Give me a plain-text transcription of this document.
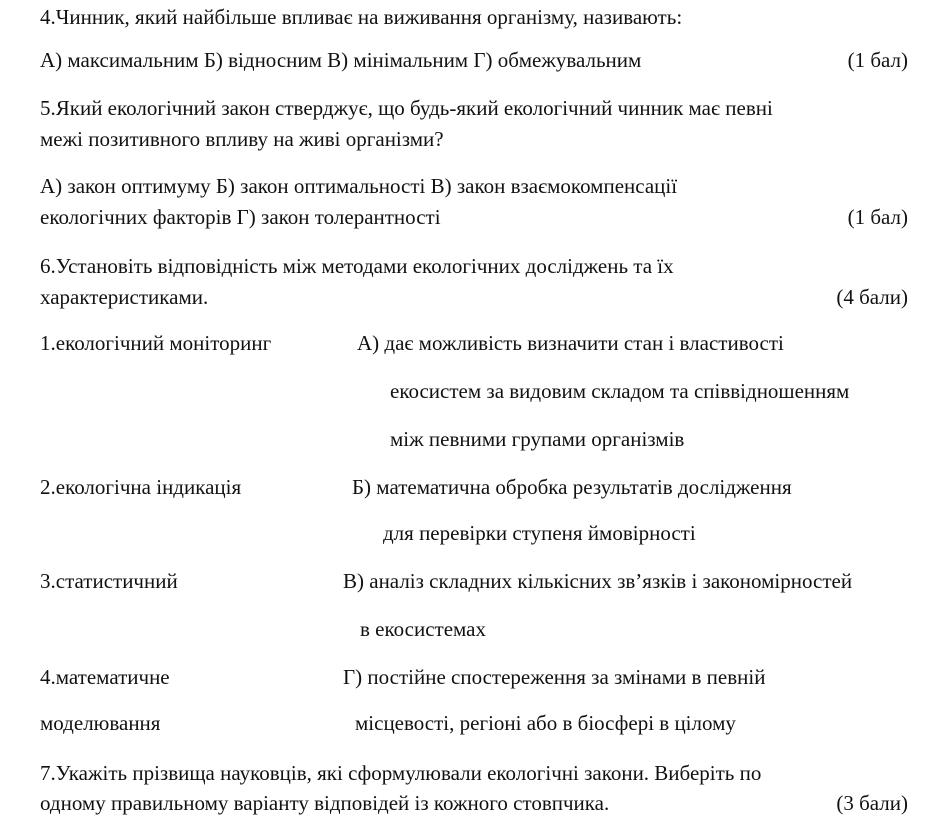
4.Чинник, який найбільше впливає на виживання організму, називають:
А) максимальним Б) відносним В) мінімальним Г) обмежувальним	(1 бал)
5.Який екологічний закон стверджує, що будь-який екологічний чинник має певні
межі позитивного впливу на живі організми?
А) закон оптимуму Б) закон оптимальності В) закон взаємокомпенсації
екологічних факторів Г) закон толерантності	(1 бал)
6.Установіть відповідність між методами екологічних досліджень та їх
характеристиками.	(4 бали)
1.екологічний моніторинг	А) дає можливість визначити стан і властивості
екосистем за видовим складом та співвідношенням
між певними групами організмів
2.екологічна індикація	Б) математична обробка результатів дослідження
для перевірки ступеня ймовірності
3.статистичний	В) аналіз складних кількісних зв’язків і закономірностей
в екосистемах
4.математичне	Г) постійне спостереження за змінами в певній
моделювання	місцевості, регіоні або в біосфері в цілому
7.Укажіть прізвища науковців, які сформулювали екологічні закони. Виберіть по
одному правильному варіанту відповідей із кожного стовпчика.	(3 бали)
